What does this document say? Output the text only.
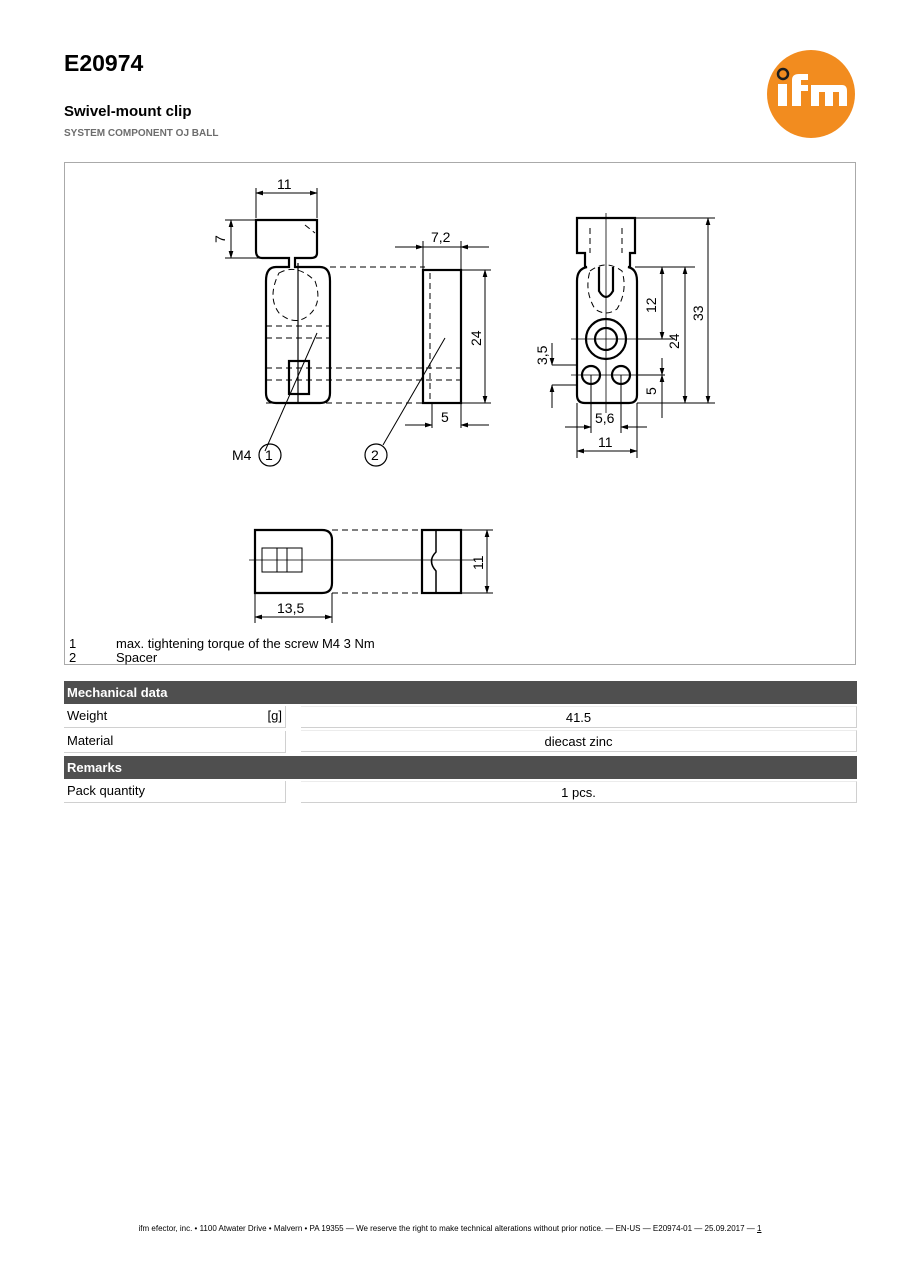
E20974
Swivel-mount clip
SYSTEM COMPONENT OJ BALL
11
7	7,2
24
5
M4 1	2
33
24
12
5
3,5
5,6
11
13,5
11
1	max. tightening torque of the screw M4 3 Nm
2	Spacer
Mechanical data
Weight	[g]	41.5
Material	diecast zinc
Remarks
Pack quantity	1 pcs.
ifm efector, inc. • 1100 Atwater Drive • Malvern • PA 19355 — We reserve the right to make technical alterations without prior notice. — EN-US — E20974-01 — 25.09.2017 — 1
